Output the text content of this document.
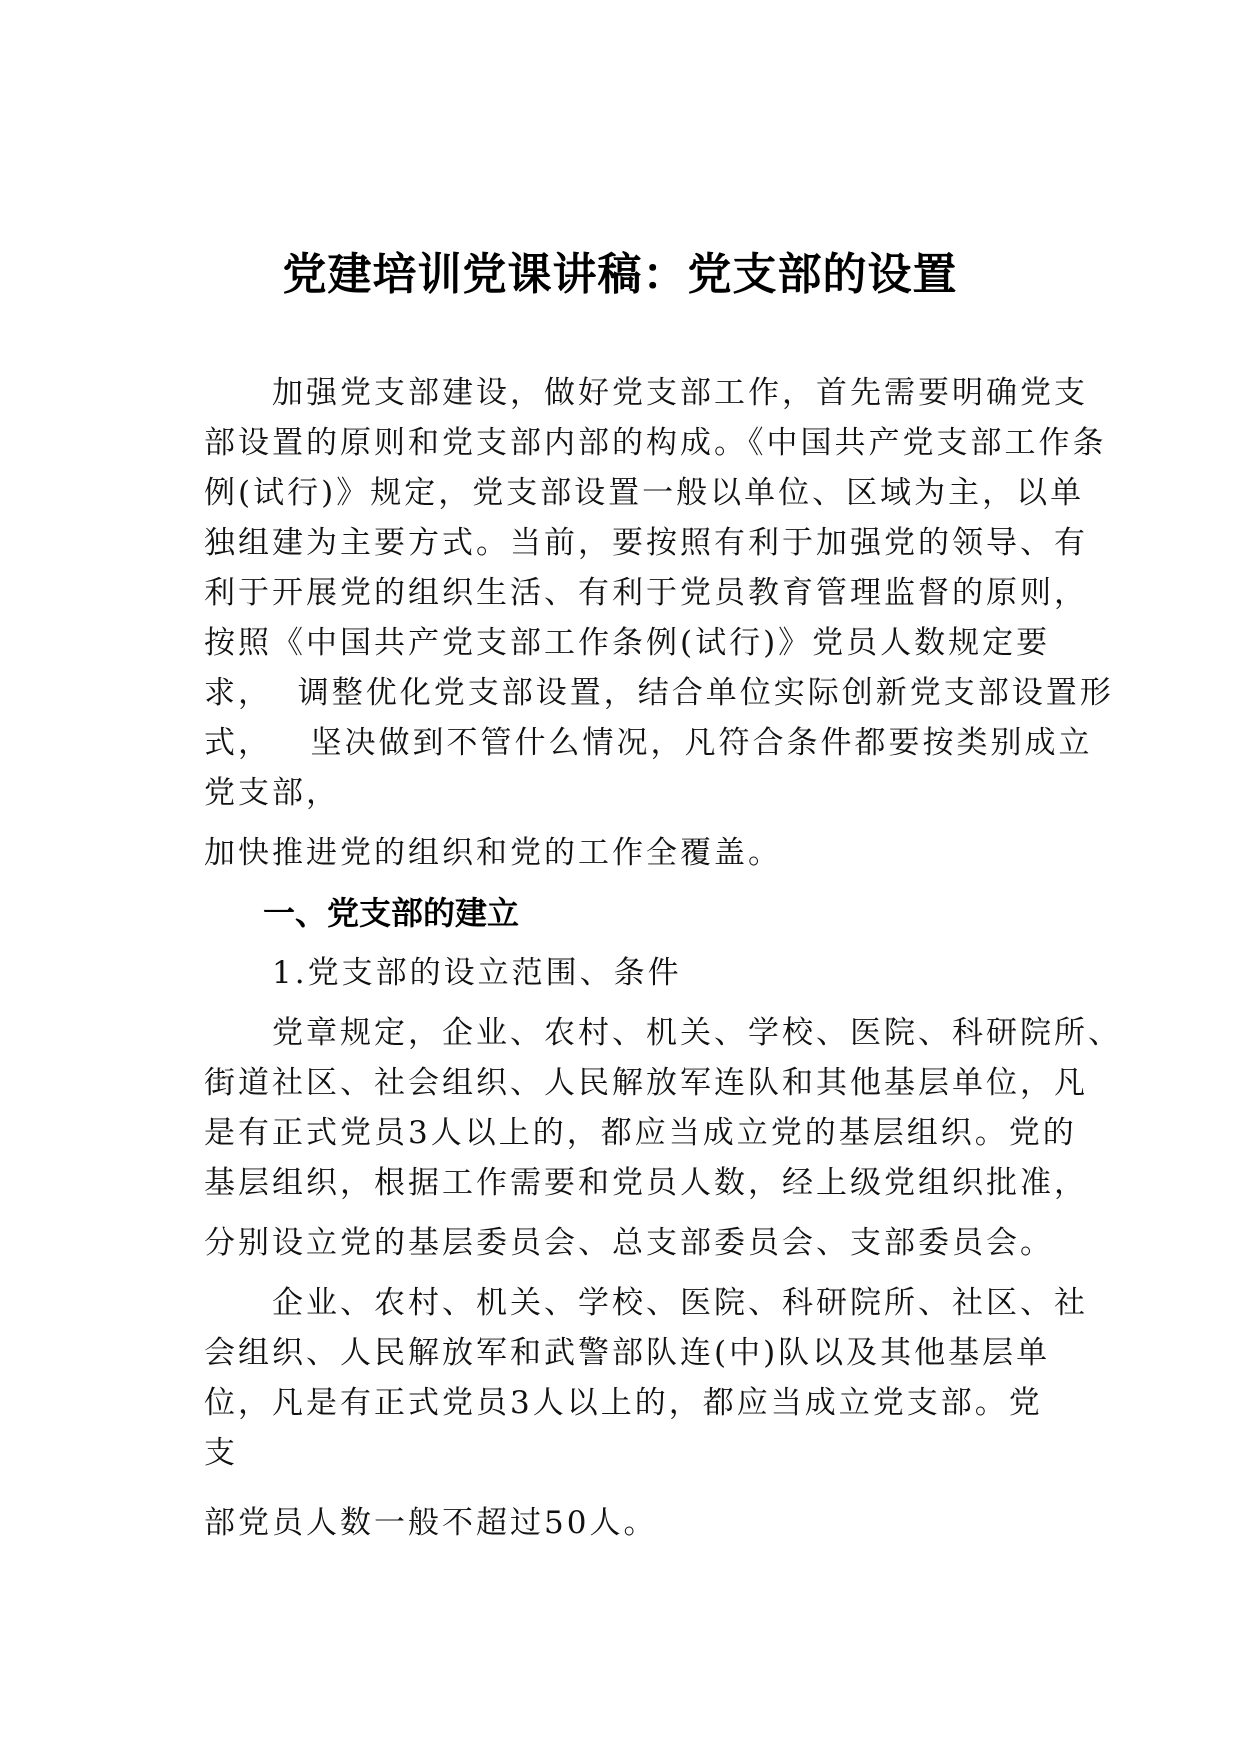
党建培训党课讲稿：党支部的设置
　　加强党支部建设，做好党支部工作，首先需要明确党支
部设置的原则和党支部内部的构成。《中国共产党支部工作条
例(试行)》规定，党支部设置一般以单位、区域为主，以单
独组建为主要方式。当前，要按照有利于加强党的领导、有
利于开展党的组织生活、有利于党员教育管理监督的原则，
按照《中国共产党支部工作条例(试行)》党员人数规定要
求，  调整优化党支部设置，结合单位实际创新党支部设置形
式，   坚决做到不管什么情况，凡符合条件都要按类别成立
党支部，
加快推进党的组织和党的工作全覆盖。
一、党支部的建立
　　1.党支部的设立范围、条件
　　党章规定，企业、农村、机关、学校、医院、科研院所、
街道社区、社会组织、人民解放军连队和其他基层单位，凡
是有正式党员3人以上的，都应当成立党的基层组织。党的
基层组织，根据工作需要和党员人数，经上级党组织批准，
分别设立党的基层委员会、总支部委员会、支部委员会。
　　企业、农村、机关、学校、医院、科研院所、社区、社
会组织、人民解放军和武警部队连(中)队以及其他基层单
位，凡是有正式党员3人以上的，都应当成立党支部。党
支
部党员人数一般不超过50人。
